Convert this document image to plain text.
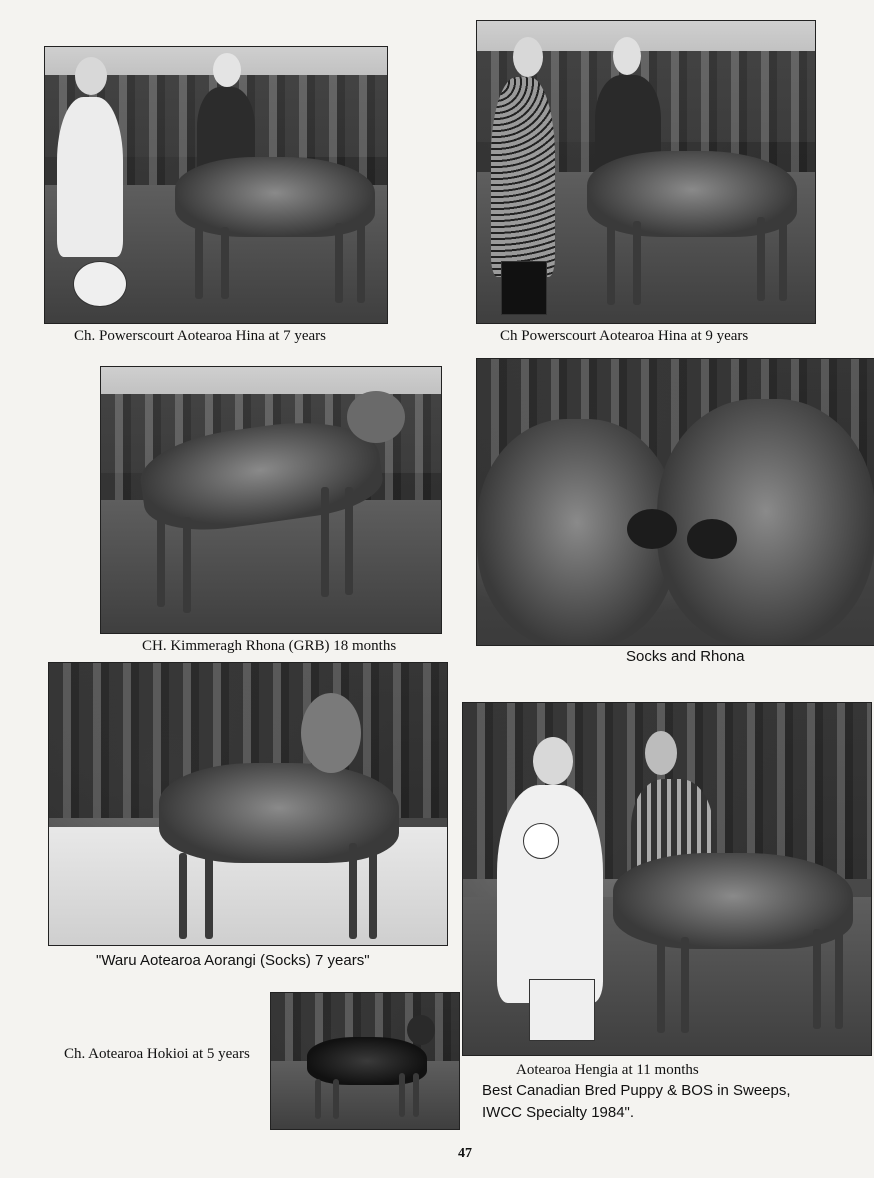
Ch. Powerscourt Aotearoa Hina at 7 years	Ch Powerscourt Aotearoa Hina at 9 years
CH. Kimmeragh Rhona (GRB) 18 months
Socks and Rhona
"Waru Aotearoa Aorangi (Socks) 7 years"
Aotearoa Hengia at 11 months
Best Canadian Bred Puppy & BOS in Sweeps,
IWCC Specialty 1984".
Ch. Aotearoa Hokioi at 5 years
47
